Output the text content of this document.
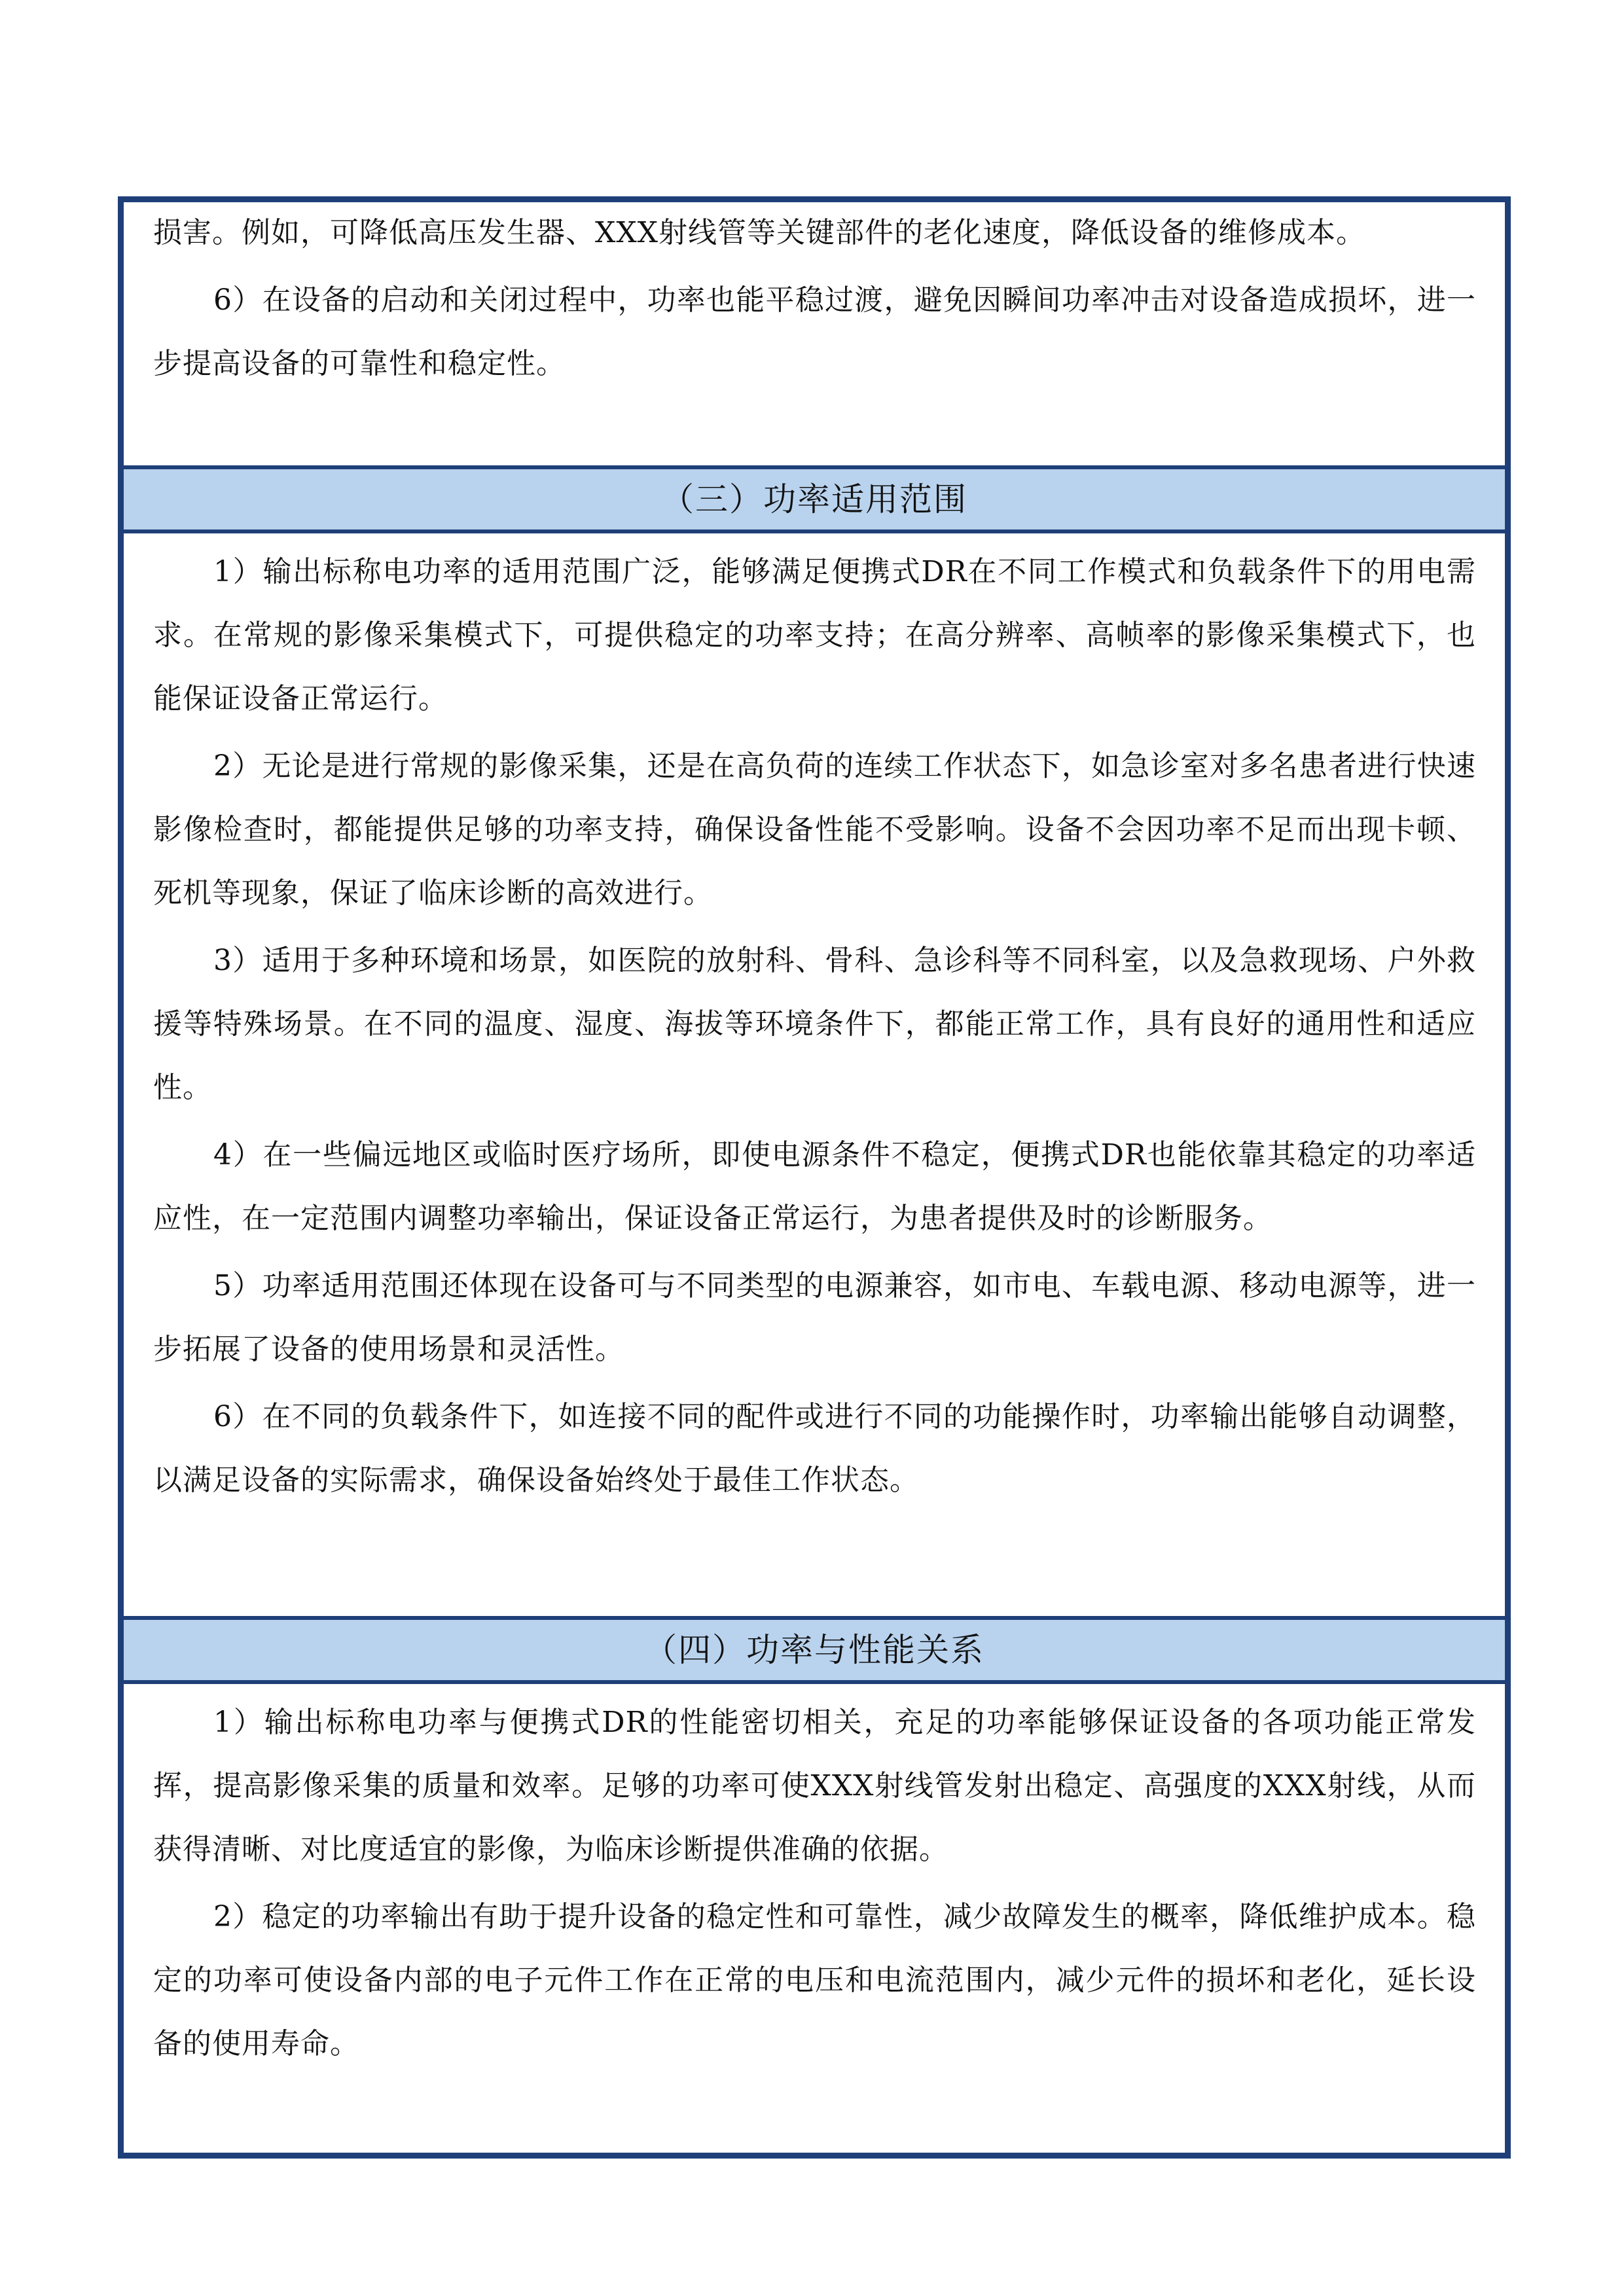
损害。例如，可降低高压发生器、XXX射线管等关键部件的老化速度，降低设备的维修成本。

6）在设备的启动和关闭过程中，功率也能平稳过渡，避免因瞬间功率冲击对设备造成损坏，进一步提高设备的可靠性和稳定性。

（三）功率适用范围

1）输出标称电功率的适用范围广泛，能够满足便携式DR在不同工作模式和负载条件下的用电需求。在常规的影像采集模式下，可提供稳定的功率支持；在高分辨率、高帧率的影像采集模式下，也能保证设备正常运行。

2）无论是进行常规的影像采集，还是在高负荷的连续工作状态下，如急诊室对多名患者进行快速影像检查时，都能提供足够的功率支持，确保设备性能不受影响。设备不会因功率不足而出现卡顿、死机等现象，保证了临床诊断的高效进行。

3）适用于多种环境和场景，如医院的放射科、骨科、急诊科等不同科室，以及急救现场、户外救援等特殊场景。在不同的温度、湿度、海拔等环境条件下，都能正常工作，具有良好的通用性和适应性。

4）在一些偏远地区或临时医疗场所，即使电源条件不稳定，便携式DR也能依靠其稳定的功率适应性，在一定范围内调整功率输出，保证设备正常运行，为患者提供及时的诊断服务。

5）功率适用范围还体现在设备可与不同类型的电源兼容，如市电、车载电源、移动电源等，进一步拓展了设备的使用场景和灵活性。

6）在不同的负载条件下，如连接不同的配件或进行不同的功能操作时，功率输出能够自动调整，以满足设备的实际需求，确保设备始终处于最佳工作状态。

（四）功率与性能关系

1）输出标称电功率与便携式DR的性能密切相关，充足的功率能够保证设备的各项功能正常发挥，提高影像采集的质量和效率。足够的功率可使XXX射线管发射出稳定、高强度的XXX射线，从而获得清晰、对比度适宜的影像，为临床诊断提供准确的依据。

2）稳定的功率输出有助于提升设备的稳定性和可靠性，减少故障发生的概率，降低维护成本。稳定的功率可使设备内部的电子元件工作在正常的电压和电流范围内，减少元件的损坏和老化，延长设备的使用寿命。
